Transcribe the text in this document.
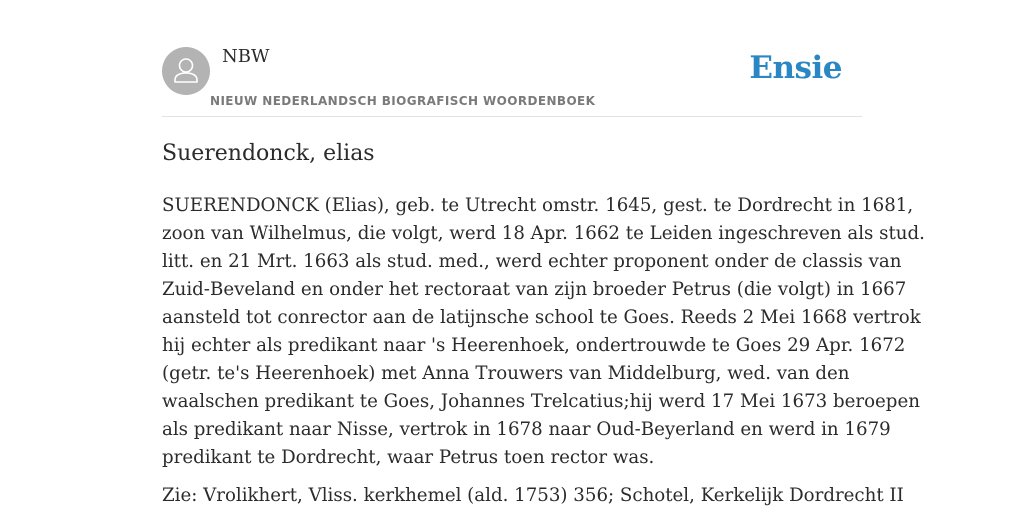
NBW
NIEUW NEDERLANDSCH BIOGRAFISCH WOORDENBOEK
Ensie
Suerendonck, elias

SUERENDONCK (Elias), geb. te Utrecht omstr. 1645, gest. te Dordrecht in 1681,
zoon van Wilhelmus, die volgt, werd 18 Apr. 1662 te Leiden ingeschreven als stud.
litt. en 21 Mrt. 1663 als stud. med., werd echter proponent onder de classis van
Zuid-Beveland en onder het rectoraat van zijn broeder Petrus (die volgt) in 1667
aansteld tot conrector aan de latijnsche school te Goes. Reeds 2 Mei 1668 vertrok
hij echter als predikant naar 's Heerenhoek, ondertrouwde te Goes 29 Apr. 1672
(getr. te's Heerenhoek) met Anna Trouwers van Middelburg, wed. van den
waalschen predikant te Goes, Johannes Trelcatius;hij werd 17 Mei 1673 beroepen
als predikant naar Nisse, vertrok in 1678 naar Oud-Beyerland en werd in 1679
predikant te Dordrecht, waar Petrus toen rector was.

Zie: Vrolikhert, Vliss. kerkhemel (ald. 1753) 356; Schotel, Kerkelijk Dordrecht II
